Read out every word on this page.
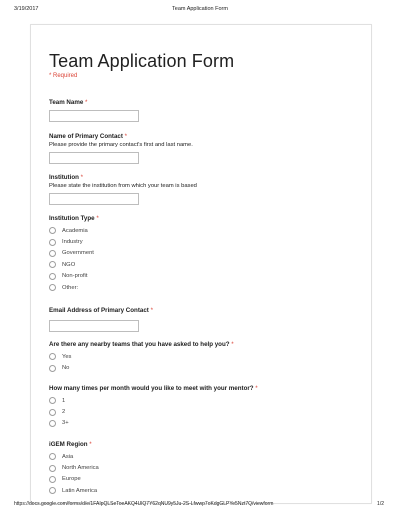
3/19/2017	Team Application Form
Team Application Form
* Required
Team Name *
Name of Primary Contact *
Please provide the primary contact's first and last name.
Institution *
Please state the institution from which your team is based
Institution Type *
Academia
Industry
Government
NGO
Non-profit
Other:
Email Address of Primary Contact *
Are there any nearby teams that you have asked to help you? *
Yes
No
How many times per month would you like to meet with your mentor? *
1
2
3+
iGEM Region *
Asia
North America
Europe
Latin America
https://docs.google.com/forms/d/e/1FAIpQLSeToeAKQ4UlQ7Y62qNU9y5Ju-2S-Lfwwp7oKdgGLPYe5Nzt7Q/viewform	1/2
